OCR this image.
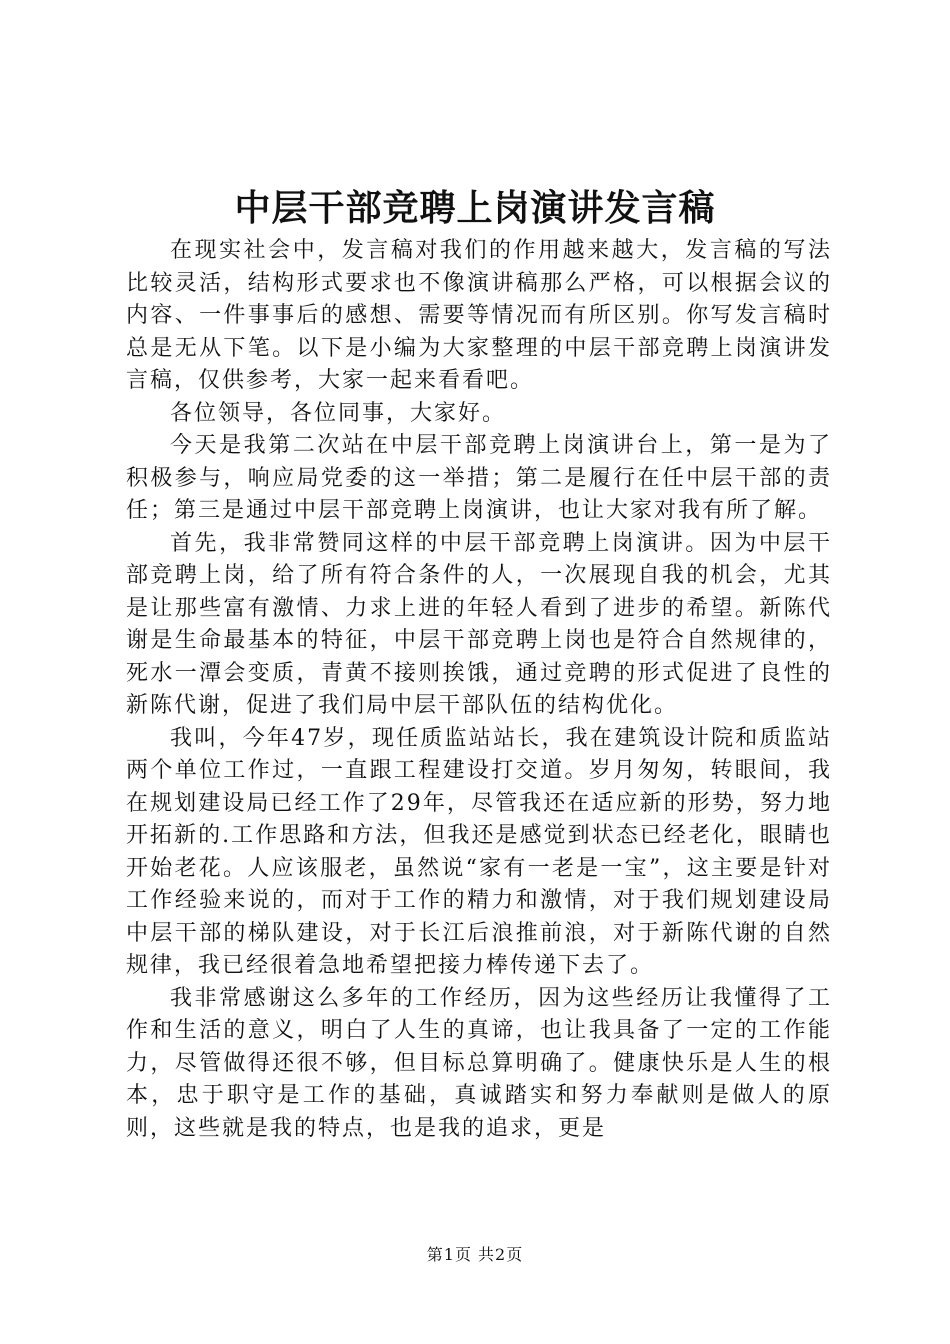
中层干部竞聘上岗演讲发言稿

在现实社会中，发言稿对我们的作用越来越大，发言稿的写法比较灵活，结构形式要求也不像演讲稿那么严格，可以根据会议的内容、一件事事后的感想、需要等情况而有所区别。你写发言稿时总是无从下笔。以下是小编为大家整理的中层干部竞聘上岗演讲发言稿，仅供参考，大家一起来看看吧。

各位领导，各位同事，大家好。

今天是我第二次站在中层干部竞聘上岗演讲台上，第一是为了积极参与，响应局党委的这一举措；第二是履行在任中层干部的责任；第三是通过中层干部竞聘上岗演讲，也让大家对我有所了解。

首先，我非常赞同这样的中层干部竞聘上岗演讲。因为中层干部竞聘上岗，给了所有符合条件的人，一次展现自我的机会，尤其是让那些富有激情、力求上进的年轻人看到了进步的希望。新陈代谢是生命最基本的特征，中层干部竞聘上岗也是符合自然规律的，死水一潭会变质，青黄不接则挨饿，通过竞聘的形式促进了良性的新陈代谢，促进了我们局中层干部队伍的结构优化。

我叫，今年47岁，现任质监站站长，我在建筑设计院和质监站两个单位工作过，一直跟工程建设打交道。岁月匆匆，转眼间，我在规划建设局已经工作了29年，尽管我还在适应新的形势，努力地开拓新的.工作思路和方法，但我还是感觉到状态已经老化，眼睛也开始老花。人应该服老，虽然说“家有一老是一宝”，这主要是针对工作经验来说的，而对于工作的精力和激情，对于我们规划建设局中层干部的梯队建设，对于长江后浪推前浪，对于新陈代谢的自然规律，我已经很着急地希望把接力棒传递下去了。

我非常感谢这么多年的工作经历，因为这些经历让我懂得了工作和生活的意义，明白了人生的真谛，也让我具备了一定的工作能力，尽管做得还很不够，但目标总算明确了。健康快乐是人生的根本，忠于职守是工作的基础，真诚踏实和努力奉献则是做人的原则，这些就是我的特点，也是我的追求，更是

第1页 共2页
